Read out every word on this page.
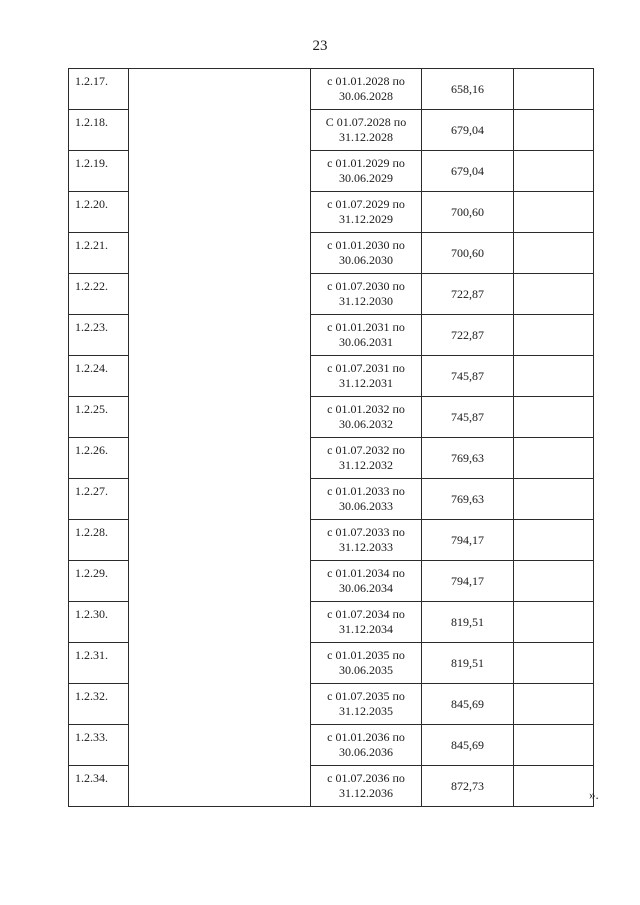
23
1.2.17.		с 01.01.2028 по
30.06.2028	658,16	
1.2.18.		С 01.07.2028 по
31.12.2028	679,04	
1.2.19.		с 01.01.2029 по
30.06.2029	679,04	
1.2.20.		с 01.07.2029 по
31.12.2029	700,60	
1.2.21.		с 01.01.2030 по
30.06.2030	700,60	
1.2.22.		с 01.07.2030 по
31.12.2030	722,87	
1.2.23.		с 01.01.2031 по
30.06.2031	722,87	
1.2.24.		с 01.07.2031 по
31.12.2031	745,87	
1.2.25.		с 01.01.2032 по
30.06.2032	745,87	
1.2.26.		с 01.07.2032 по
31.12.2032	769,63	
1.2.27.		с 01.01.2033 по
30.06.2033	769,63	
1.2.28.		с 01.07.2033 по
31.12.2033	794,17	
1.2.29.		с 01.01.2034 по
30.06.2034	794,17	
1.2.30.		с 01.07.2034 по
31.12.2034	819,51	
1.2.31.		с 01.01.2035 по
30.06.2035	819,51	
1.2.32.		с 01.07.2035 по
31.12.2035	845,69	
1.2.33.		с 01.01.2036 по
30.06.2036	845,69	
1.2.34.		с 01.07.2036 по
31.12.2036	872,73	
».
